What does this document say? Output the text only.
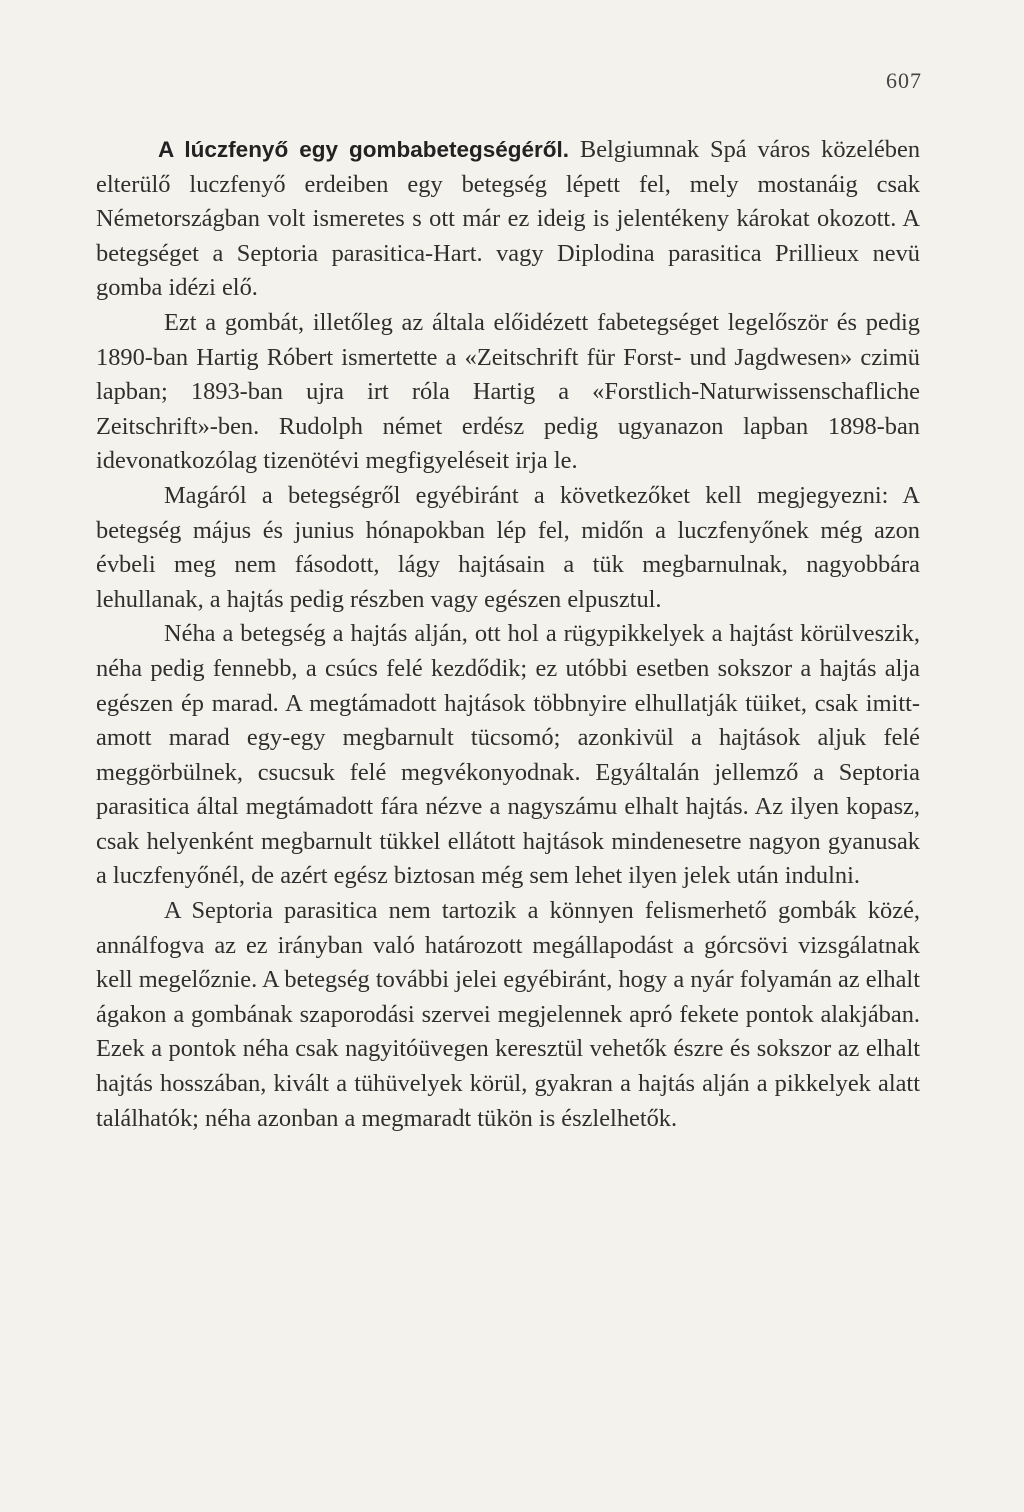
607

A lúczfenyő egy gombabetegségéről. Belgiumnak Spá város közelében elterülő luczfenyő erdeiben egy betegség lépett fel, mely mostanáig csak Németországban volt ismeretes s ott már ez ideig is jelentékeny károkat okozott. A betegséget a Septoria parasitica-Hart. vagy Diplodina parasitica Prillieux nevü gomba idézi elő.

Ezt a gombát, illetőleg az általa előidézett fabetegséget legelőször és pedig 1890-ban Hartig Róbert ismertette a «Zeitschrift für Forst- und Jagdwesen» czimü lapban; 1893-ban ujra irt róla Hartig a «Forstlich-Naturwissenschafliche Zeitschrift»-ben. Rudolph német erdész pedig ugyanazon lapban 1898-ban idevonatkozólag tizenötévi megfigyeléseit irja le.

Magáról a betegségről egyébiránt a következőket kell megjegyezni: A betegség május és junius hónapokban lép fel, midőn a luczfenyőnek még azon évbeli meg nem fásodott, lágy hajtásain a tük megbarnulnak, nagyobbára lehullanak, a hajtás pedig részben vagy egészen elpusztul.

Néha a betegség a hajtás alján, ott hol a rügypikkelyek a hajtást körülveszik, néha pedig fennebb, a csúcs felé kezdődik; ez utóbbi esetben sokszor a hajtás alja egészen ép marad. A megtámadott hajtások többnyire elhullatják tüiket, csak imitt-amott marad egy-egy megbarnult tücsomó; azonkivül a hajtások aljuk felé meggörbülnek, csucsuk felé megvékonyodnak. Egyáltalán jellemző a Septoria parasitica által megtámadott fára nézve a nagyszámu elhalt hajtás. Az ilyen kopasz, csak helyenként megbarnult tükkel ellátott hajtások mindenesetre nagyon gyanusak a luczfenyőnél, de azért egész biztosan még sem lehet ilyen jelek után indulni.

A Septoria parasitica nem tartozik a könnyen felismerhető gombák közé, annálfogva az ez irányban való határozott megállapodást a górcsövi vizsgálatnak kell megelőznie. A betegség további jelei egyébiránt, hogy a nyár folyamán az elhalt ágakon a gombának szaporodási szervei megjelennek apró fekete pontok alakjában. Ezek a pontok néha csak nagyitóüvegen keresztül vehetők észre és sokszor az elhalt hajtás hosszában, kivált a tühüvelyek körül, gyakran a hajtás alján a pikkelyek alatt találhatók; néha azonban a megmaradt tükön is észlelhetők.
